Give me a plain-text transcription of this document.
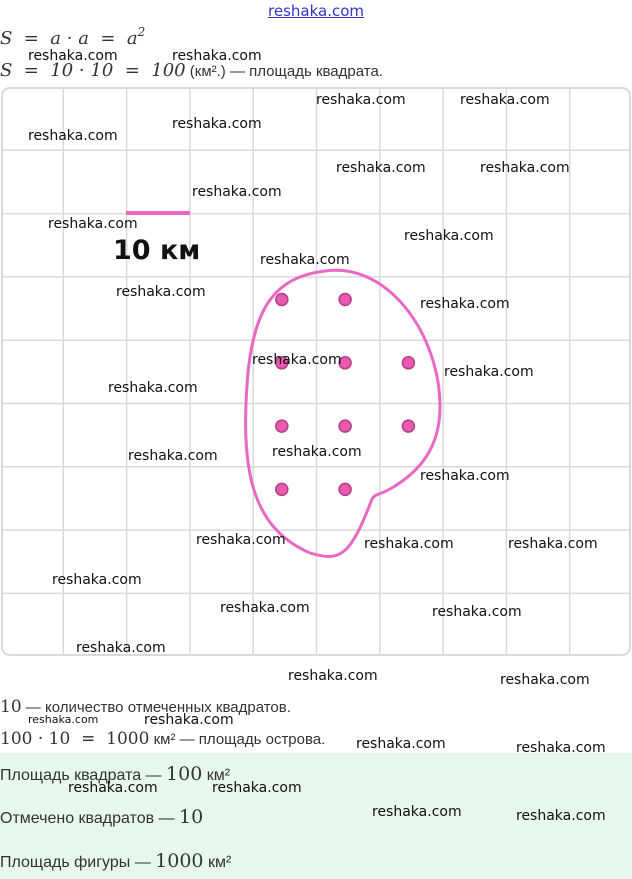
reshaka.com
$S = a \cdot a = a^2$
S  =  10 · 10  =  100 (км².) — площадь квадрата.
10 км
10 — количество отмеченных квадратов.
100 · 10  =  1000 км² — площадь острова.
Площадь квадрата — 100 км²
Отмечено квадратов — 10
Площадь фигуры — 1000 км²
reshaka.com	reshaka.com
reshaka.com	reshaka.com
reshaka.com
reshaka.com
reshaka.com	reshaka.com
reshaka.com
reshaka.com
reshaka.com
reshaka.com
reshaka.com
reshaka.com
reshaka.com
reshaka.com
reshaka.com
reshaka.com
reshaka.com
reshaka.com
reshaka.com	reshaka.com	reshaka.com
reshaka.com
reshaka.com	reshaka.com
reshaka.com
reshaka.com	reshaka.com
reshaka.com	reshaka.com
reshaka.com	reshaka.com
reshaka.com	reshaka.com
reshaka.com	reshaka.com
